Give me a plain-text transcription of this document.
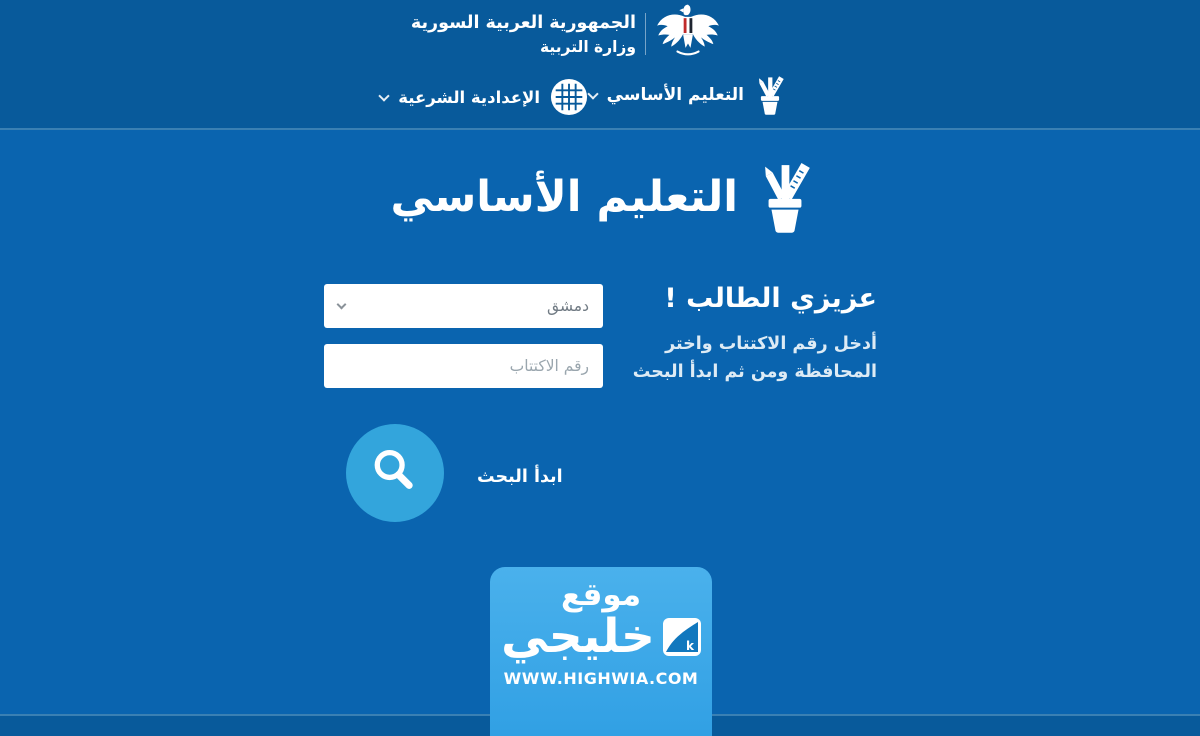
الجمهورية العربية السورية
وزارة التربية
التعليم الأساسي
الإعدادية الشرعية
التعليم الأساسي
عزيزي الطالب !
أدخل رقم الاكتتاب واختر
المحافظة ومن ثم ابدأ البحث
دمشق
رقم الاكتتاب
ابدأ البحث
موقع
k
خليجي
WWW.HIGHWIA.COM
